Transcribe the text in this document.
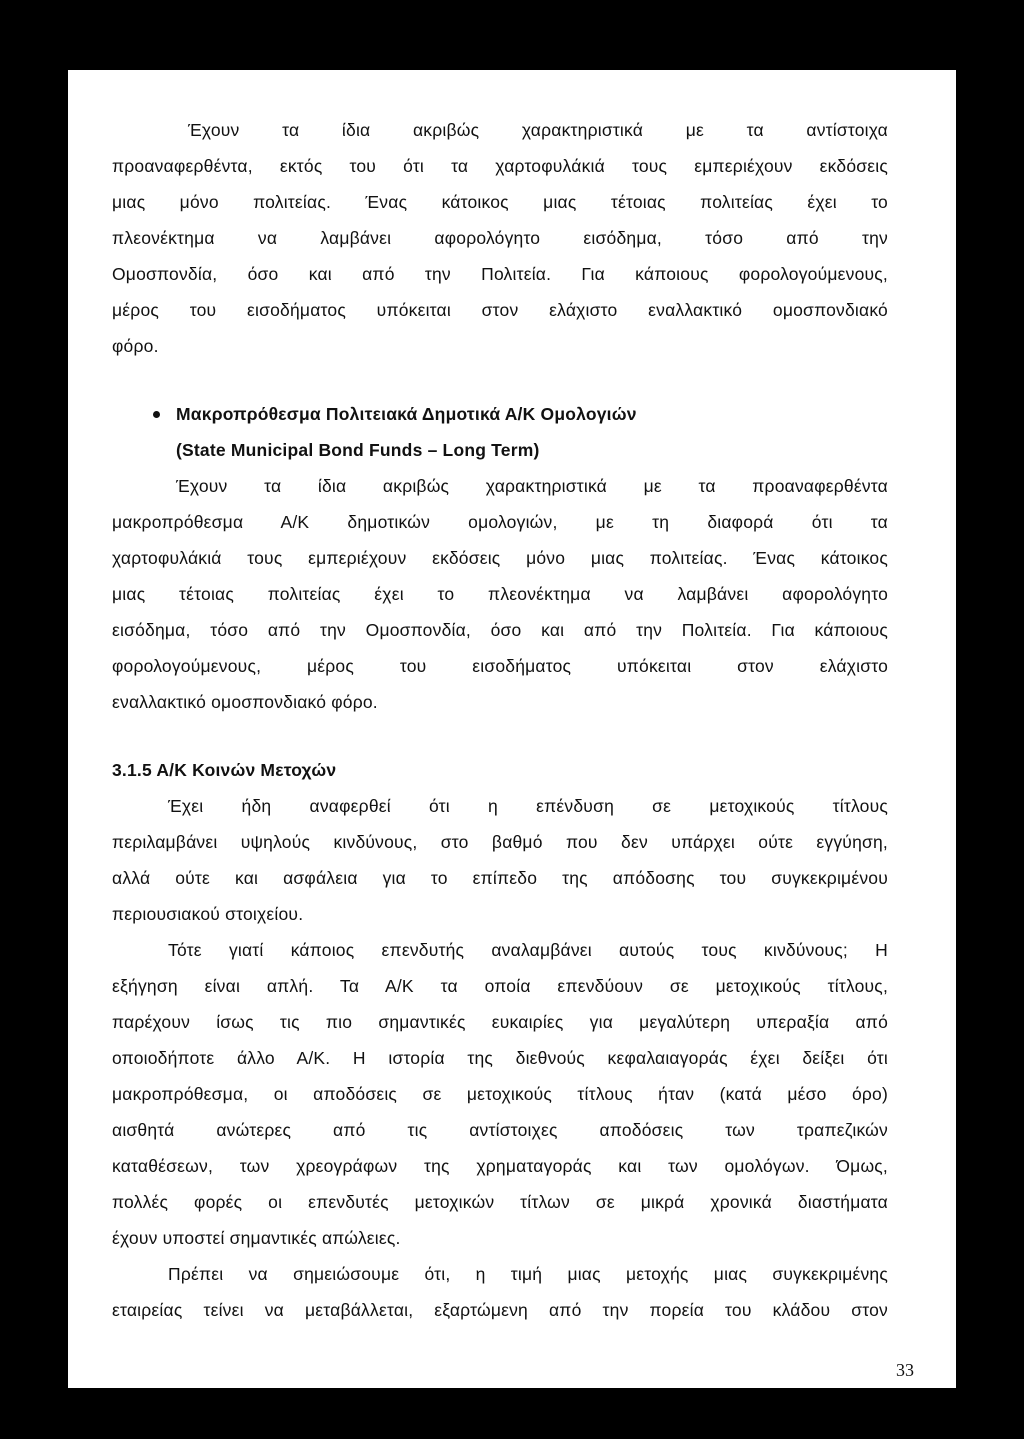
Έχουν τα ίδια ακριβώς χαρακτηριστικά με τα αντίστοιχα
προαναφερθέντα, εκτός του ότι τα χαρτοφυλάκιά τους εμπεριέχουν εκδόσεις
μιας μόνο πολιτείας. Ένας κάτοικος μιας τέτοιας πολιτείας έχει το
πλεονέκτημα να λαμβάνει αφορολόγητο εισόδημα, τόσο από την
Ομοσπονδία, όσο και από την Πολιτεία. Για κάποιους φορολογούμενους,
μέρος του εισοδήματος υπόκειται στον ελάχιστο εναλλακτικό ομοσπονδιακό
φόρο.
Μακροπρόθεσμα Πολιτειακά Δημοτικά Α/Κ Ομολογιών
(State Municipal Bond Funds – Long Term)
Έχουν τα ίδια ακριβώς χαρακτηριστικά με τα προαναφερθέντα
μακροπρόθεσμα Α/Κ δημοτικών ομολογιών, με τη διαφορά ότι τα
χαρτοφυλάκιά τους εμπεριέχουν εκδόσεις μόνο μιας πολιτείας. Ένας κάτοικος
μιας τέτοιας πολιτείας έχει το πλεονέκτημα να λαμβάνει αφορολόγητο
εισόδημα, τόσο από την Ομοσπονδία, όσο και από την Πολιτεία. Για κάποιους
φορολογούμενους, μέρος του εισοδήματος υπόκειται στον ελάχιστο
εναλλακτικό ομοσπονδιακό φόρο.
3.1.5 Α/Κ Κοινών Μετοχών
Έχει ήδη αναφερθεί ότι η επένδυση σε μετοχικούς τίτλους
περιλαμβάνει υψηλούς κινδύνους, στο βαθμό που δεν υπάρχει ούτε εγγύηση,
αλλά ούτε και ασφάλεια για το επίπεδο της απόδοσης του συγκεκριμένου
περιουσιακού στοιχείου.
Τότε γιατί κάποιος επενδυτής αναλαμβάνει αυτούς τους κινδύνους; Η
εξήγηση είναι απλή. Τα Α/Κ τα οποία επενδύουν σε μετοχικούς τίτλους,
παρέχουν ίσως τις πιο σημαντικές ευκαιρίες για μεγαλύτερη υπεραξία από
οποιοδήποτε άλλο Α/Κ. Η ιστορία της διεθνούς κεφαλαιαγοράς έχει δείξει ότι
μακροπρόθεσμα, οι αποδόσεις σε μετοχικούς τίτλους ήταν (κατά μέσο όρο)
αισθητά ανώτερες από τις αντίστοιχες αποδόσεις των τραπεζικών
καταθέσεων, των χρεογράφων της χρηματαγοράς και των ομολόγων. Όμως,
πολλές φορές οι επενδυτές μετοχικών τίτλων σε μικρά χρονικά διαστήματα
έχουν υποστεί σημαντικές απώλειες.
Πρέπει να σημειώσουμε ότι, η τιμή μιας μετοχής μιας συγκεκριμένης
εταιρείας τείνει να μεταβάλλεται, εξαρτώμενη από την πορεία του κλάδου στον
33
